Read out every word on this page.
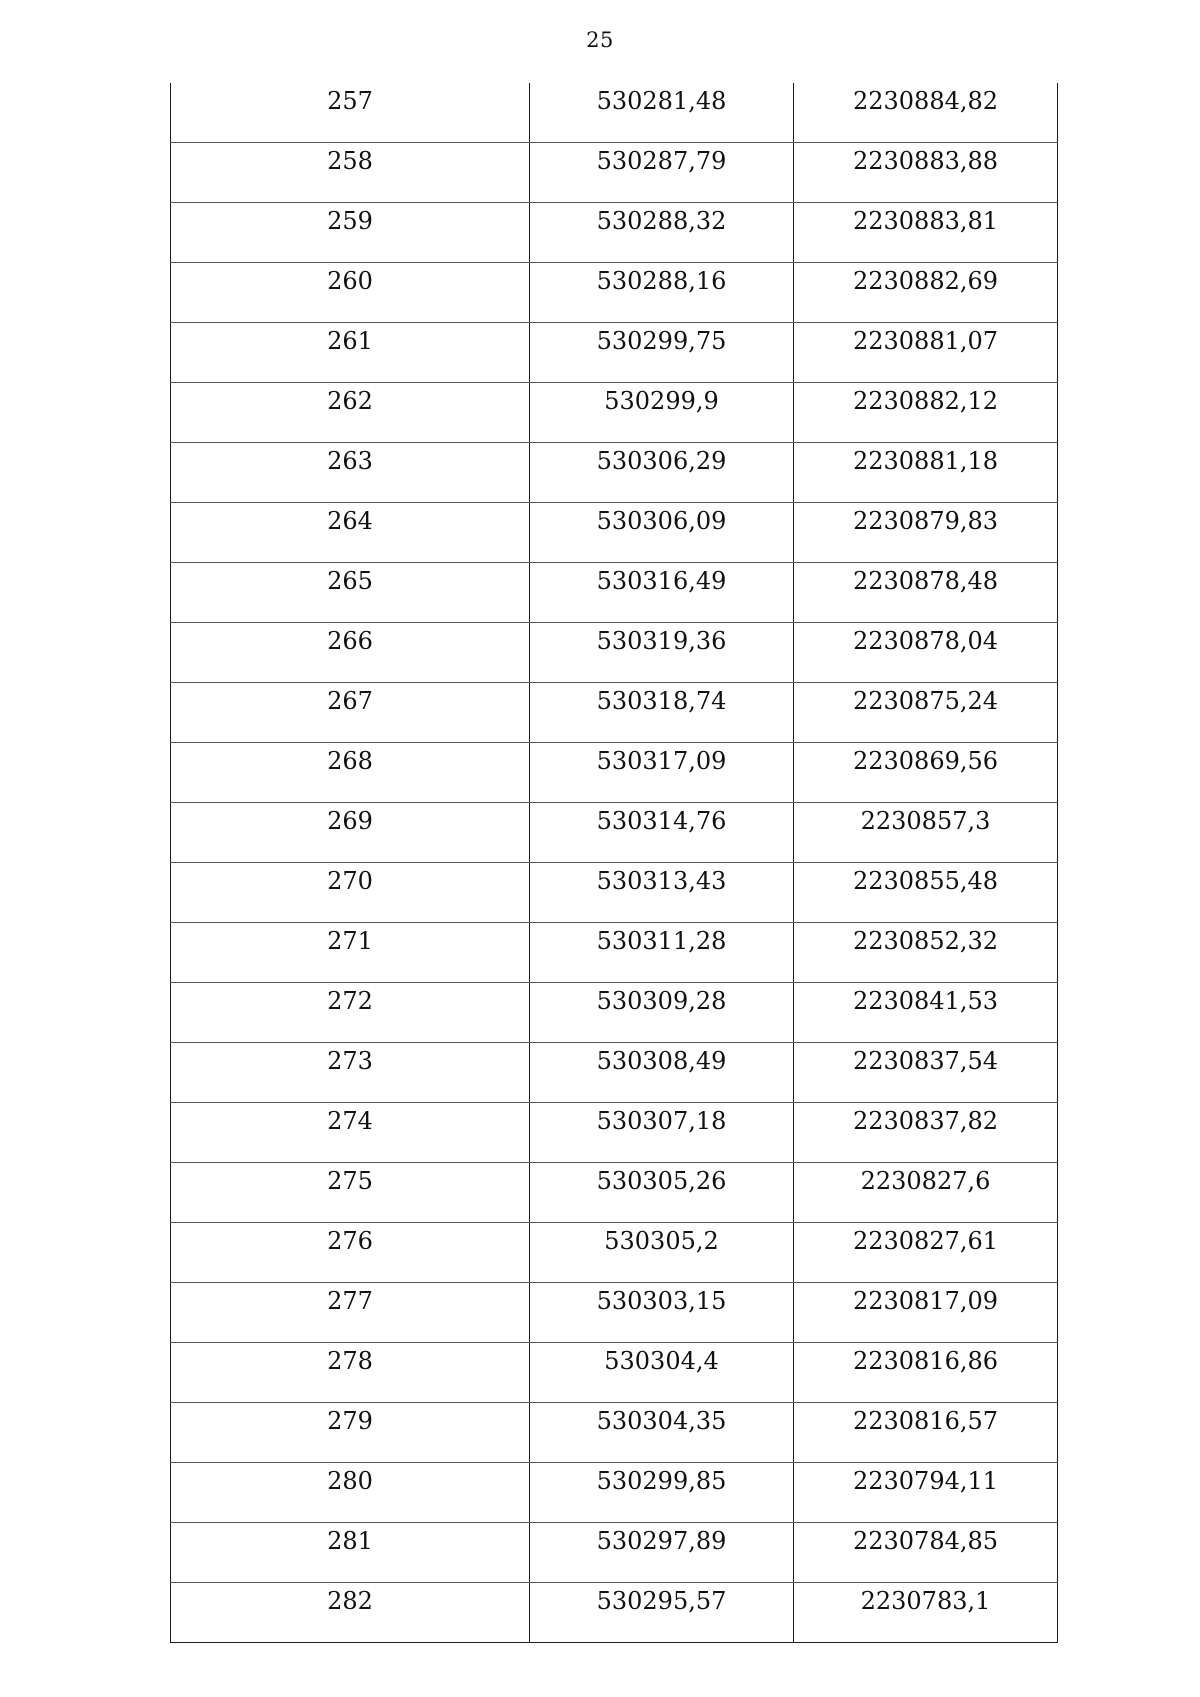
25
257	530281,48	2230884,82
258	530287,79	2230883,88
259	530288,32	2230883,81
260	530288,16	2230882,69
261	530299,75	2230881,07
262	530299,9	2230882,12
263	530306,29	2230881,18
264	530306,09	2230879,83
265	530316,49	2230878,48
266	530319,36	2230878,04
267	530318,74	2230875,24
268	530317,09	2230869,56
269	530314,76	2230857,3
270	530313,43	2230855,48
271	530311,28	2230852,32
272	530309,28	2230841,53
273	530308,49	2230837,54
274	530307,18	2230837,82
275	530305,26	2230827,6
276	530305,2	2230827,61
277	530303,15	2230817,09
278	530304,4	2230816,86
279	530304,35	2230816,57
280	530299,85	2230794,11
281	530297,89	2230784,85
282	530295,57	2230783,1
